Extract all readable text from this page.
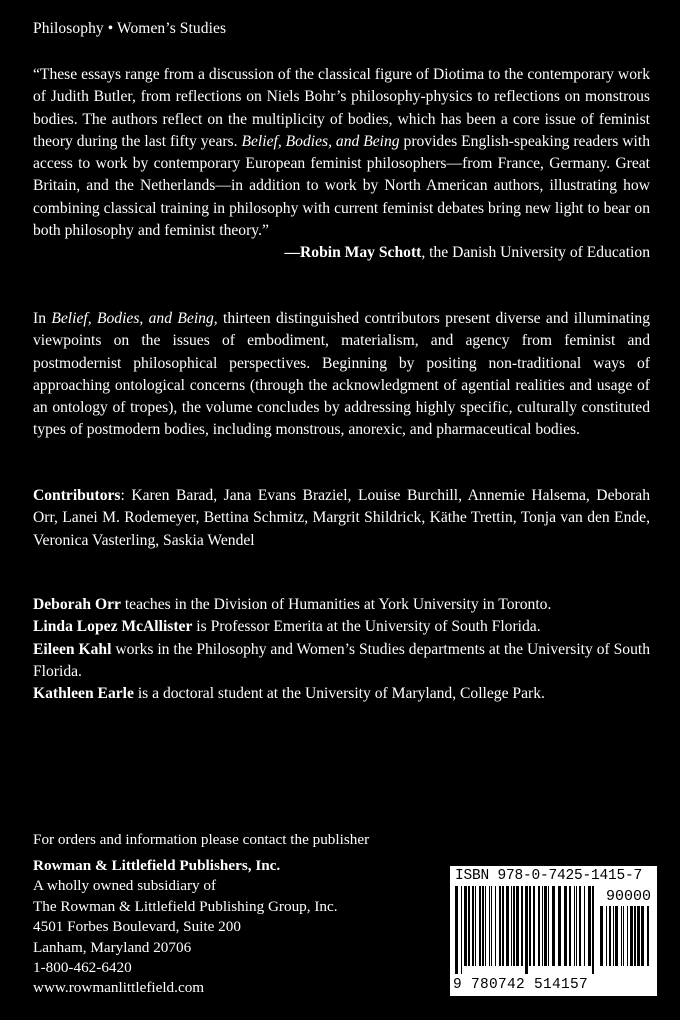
Philosophy • Women’s Studies

“These essays range from a discussion of the classical figure of Diotima to the contemporary work of Judith Butler, from reflections on Niels Bohr’s philosophy-physics to reflections on monstrous bodies. The authors reflect on the multiplicity of bodies, which has been a core issue of feminist theory during the last fifty years. Belief, Bodies, and Being provides English-speaking readers with access to work by contemporary European feminist philosophers—from France, Germany. Great Britain, and the Netherlands—in addition to work by North American authors, illustrating how combining classical training in philosophy with current feminist debates bring new light to bear on both philosophy and feminist theory.”

—Robin May Schott, the Danish University of Education

In Belief, Bodies, and Being, thirteen distinguished contributors present diverse and illuminating viewpoints on the issues of embodiment, materialism, and agency from feminist and postmodernist philosophical perspectives. Beginning by positing non-traditional ways of approaching ontological concerns (through the acknowledgment of agential realities and usage of an ontology of tropes), the volume concludes by addressing highly specific, culturally constituted types of postmodern bodies, including monstrous, anorexic, and pharmaceutical bodies.

Contributors: Karen Barad, Jana Evans Braziel, Louise Burchill, Annemie Halsema, Deborah Orr, Lanei M. Rodemeyer, Bettina Schmitz, Margrit Shildrick, Käthe Trettin, Tonja van den Ende, Veronica Vasterling, Saskia Wendel

Deborah Orr teaches in the Division of Humanities at York University in Toronto.

Linda Lopez McAllister is Professor Emerita at the University of South Florida.

Eileen Kahl works in the Philosophy and Women’s Studies departments at the University of South Florida.

Kathleen Earle is a doctoral student at the University of Maryland, College Park.

For orders and information please contact the publisher
Rowman & Littlefield Publishers, Inc.
A wholly owned subsidiary of
The Rowman & Littlefield Publishing Group, Inc.
4501 Forbes Boulevard, Suite 200
Lanham, Maryland 20706
1-800-462-6420
www.rowmanlittlefield.com
ISBN 978-0-7425-1415-7
90000
9 780742 514157
